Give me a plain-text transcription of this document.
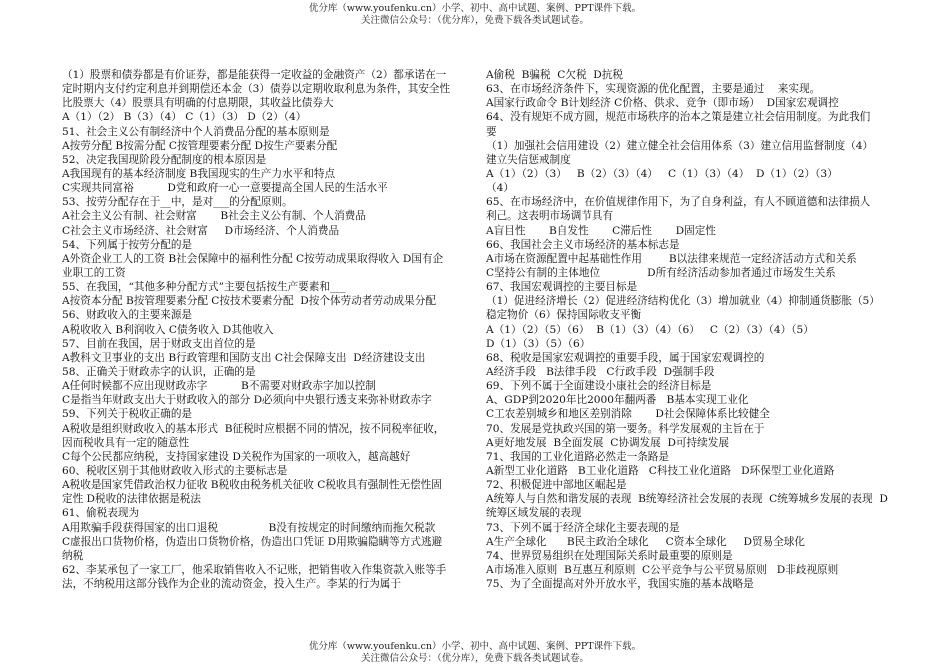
优分库（www.youfenku.cn）小学、初中、高中试题、案例、PPT课件下载。
关注微信公众号：（优分库），免费下载各类试题试卷。
（1）股票和债券都是有价证券，都是能获得一定收益的金融资产（2）都承诺在一
定时期内支付约定利息并到期偿还本金（3）债券以定期收取利息为条件，其安全性
比股票大（4）股票具有明确的付息期限，其收益比债券大
A（1）（2） B（3）（4） C（1）（3） D（2）（4）
51、社会主义公有制经济中个人消费品分配的基本原则是
A按劳分配 B按需分配 C按管理要素分配 D按生产要素分配
52、决定我国现阶段分配制度的根本原因是
A我国现有的基本经济制度 B我国现实的生产力水平和特点
C实现共同富裕          D党和政府一心一意要提高全国人民的生活水平
53、按劳分配存在于__中，是对___的分配原则。
A社会主义公有制、社会财富       B社会主义公有制、个人消费品
C社会主义市场经济、社会财富     D市场经济、个人消费品
54、下列属于按劳分配的是
A外资企业工人的工资 B社会保障中的福利性分配 C按劳动成果取得收入 D国有企
业职工的工资
55、在我国，“其他多种分配方式”主要包括按生产要素和___
A按资本分配 B按管理要素分配 C按技术要素分配  D按个体劳动者劳动成果分配
56、财政收入的主要来源是
A税收收入 B利润收入 C债务收入 D其他收入
57、目前在我国，居于财政支出首位的是
A教科文卫事业的支出 B行政管理和国防支出 C社会保障支出  D经济建设支出
58、正确关于财政赤字的认识，正确的是
A任何时候都不应出现财政赤字          B不需要对财政赤字加以控制
C是指当年财政支出大于财政收入的部分 D必须向中央银行透支来弥补财政赤字
59、下列关于税收正确的是
A税收是组织财政收入的基本形式  B征税时应根据不同的情况，按不同税率征收，
因而税收具有一定的随意性
C每个公民都应纳税，支持国家建设 D关税作为国家的一项收入，越高越好
60、税收区别于其他财政收入形式的主要标志是
A税收是国家凭借政治权力征收 B税收由税务机关征收 C税收具有强制性无偿性固
定性 D税收的法律依据是税法
61、偷税表现为
A用欺骗手段获得国家的出口退税               B没有按规定的时间缴纳而拖欠税款
C虚报出口货物价格，伪造出口货物价格，伪造出口凭证 D用欺骗隐瞒等方式逃避
纳税
62、李某承包了一家工厂，他采取销售收入不记账，把销售收入作集资款入账等手
法，不纳税用这部分钱作为企业的流动资金，投入生产。李某的行为属于
A偷税  B骗税  C欠税  D抗税
63、在市场经济条件下，实现资源的优化配置，主要是通过    来实现。
A国家行政命令 B计划经济 C价格、供求、竞争（即市场）  D国家宏观调控
64、没有规矩不成方圆，规范市场秩序的治本之策是建立社会信用制度。为此我们
要
（1）加强社会信用建设（2）建立健全社会信用体系（3）建立信用监督制度（4）
建立失信惩戒制度
A（1）（2）（3）   B（2）（3）（4）   C（1）（3）（4）  D（1）（2）（3）
（4）
65、在市场经济中，在价值规律作用下，为了自身利益，有人不顾道德和法律损人
利己。这表明市场调节具有
A盲目性       B自发性       C滞后性       D固定性
66、我国社会主义市场经济的基本标志是
A市场在资源配置中起基础性作用        B以法律来规范一定经济活动方式和关系
C坚持公有制的主体地位              D所有经济活动参加者通过市场发生关系
67、我国宏观调控的主要目标是
（1）促进经济增长（2）促进经济结构优化（3）增加就业（4）抑制通货膨胀（5）
稳定物价（6）保持国际收支平衡
A（1）（2）（5）（6）  B（1）（3）（4）（6）   C（2）（3）（4）（5）
D（1）（3）（5）（6）
68、税收是国家宏观调控的重要手段，属于国家宏观调控的
A经济手段   B法律手段   C行政手段  D强制手段
69、下列不属于全面建设小康社会的经济目标是
A、GDP到2020年比2000年翻两番   B基本实现工业化
C工农差别城乡和地区差别消除       D社会保障体系比较健全
70、发展是党执政兴国的第一要务。科学发展观的主旨在于
A更好地发展  B全面发展  C协调发展  D可持续发展
71、我国的工业化道路必然走一条路是
A新型工业化道路   B工业化道路   C科技工业化道路   D环保型工业化道路
72、积极促进中部地区崛起是
A统筹人与自然和谐发展的表现  B统筹经济社会发展的表现  C统筹城乡发展的表现  D
统筹区域发展的表现
73、下列不属于经济全球化主要表现的是
A生产全球化      B民主政治全球化     C资本全球化     D贸易全球化
74、世界贸易组织在处理国际关系时最重要的原则是
A市场准入原则  B互惠互利原则  C公平竞争与公平贸易原则   D非歧视原则
75、为了全面提高对外开放水平，我国实施的基本战略是
优分库（www.youfenku.cn）小学、初中、高中试题、案例、PPT课件下载。
关注微信公众号：（优分库），免费下载各类试题试卷。
